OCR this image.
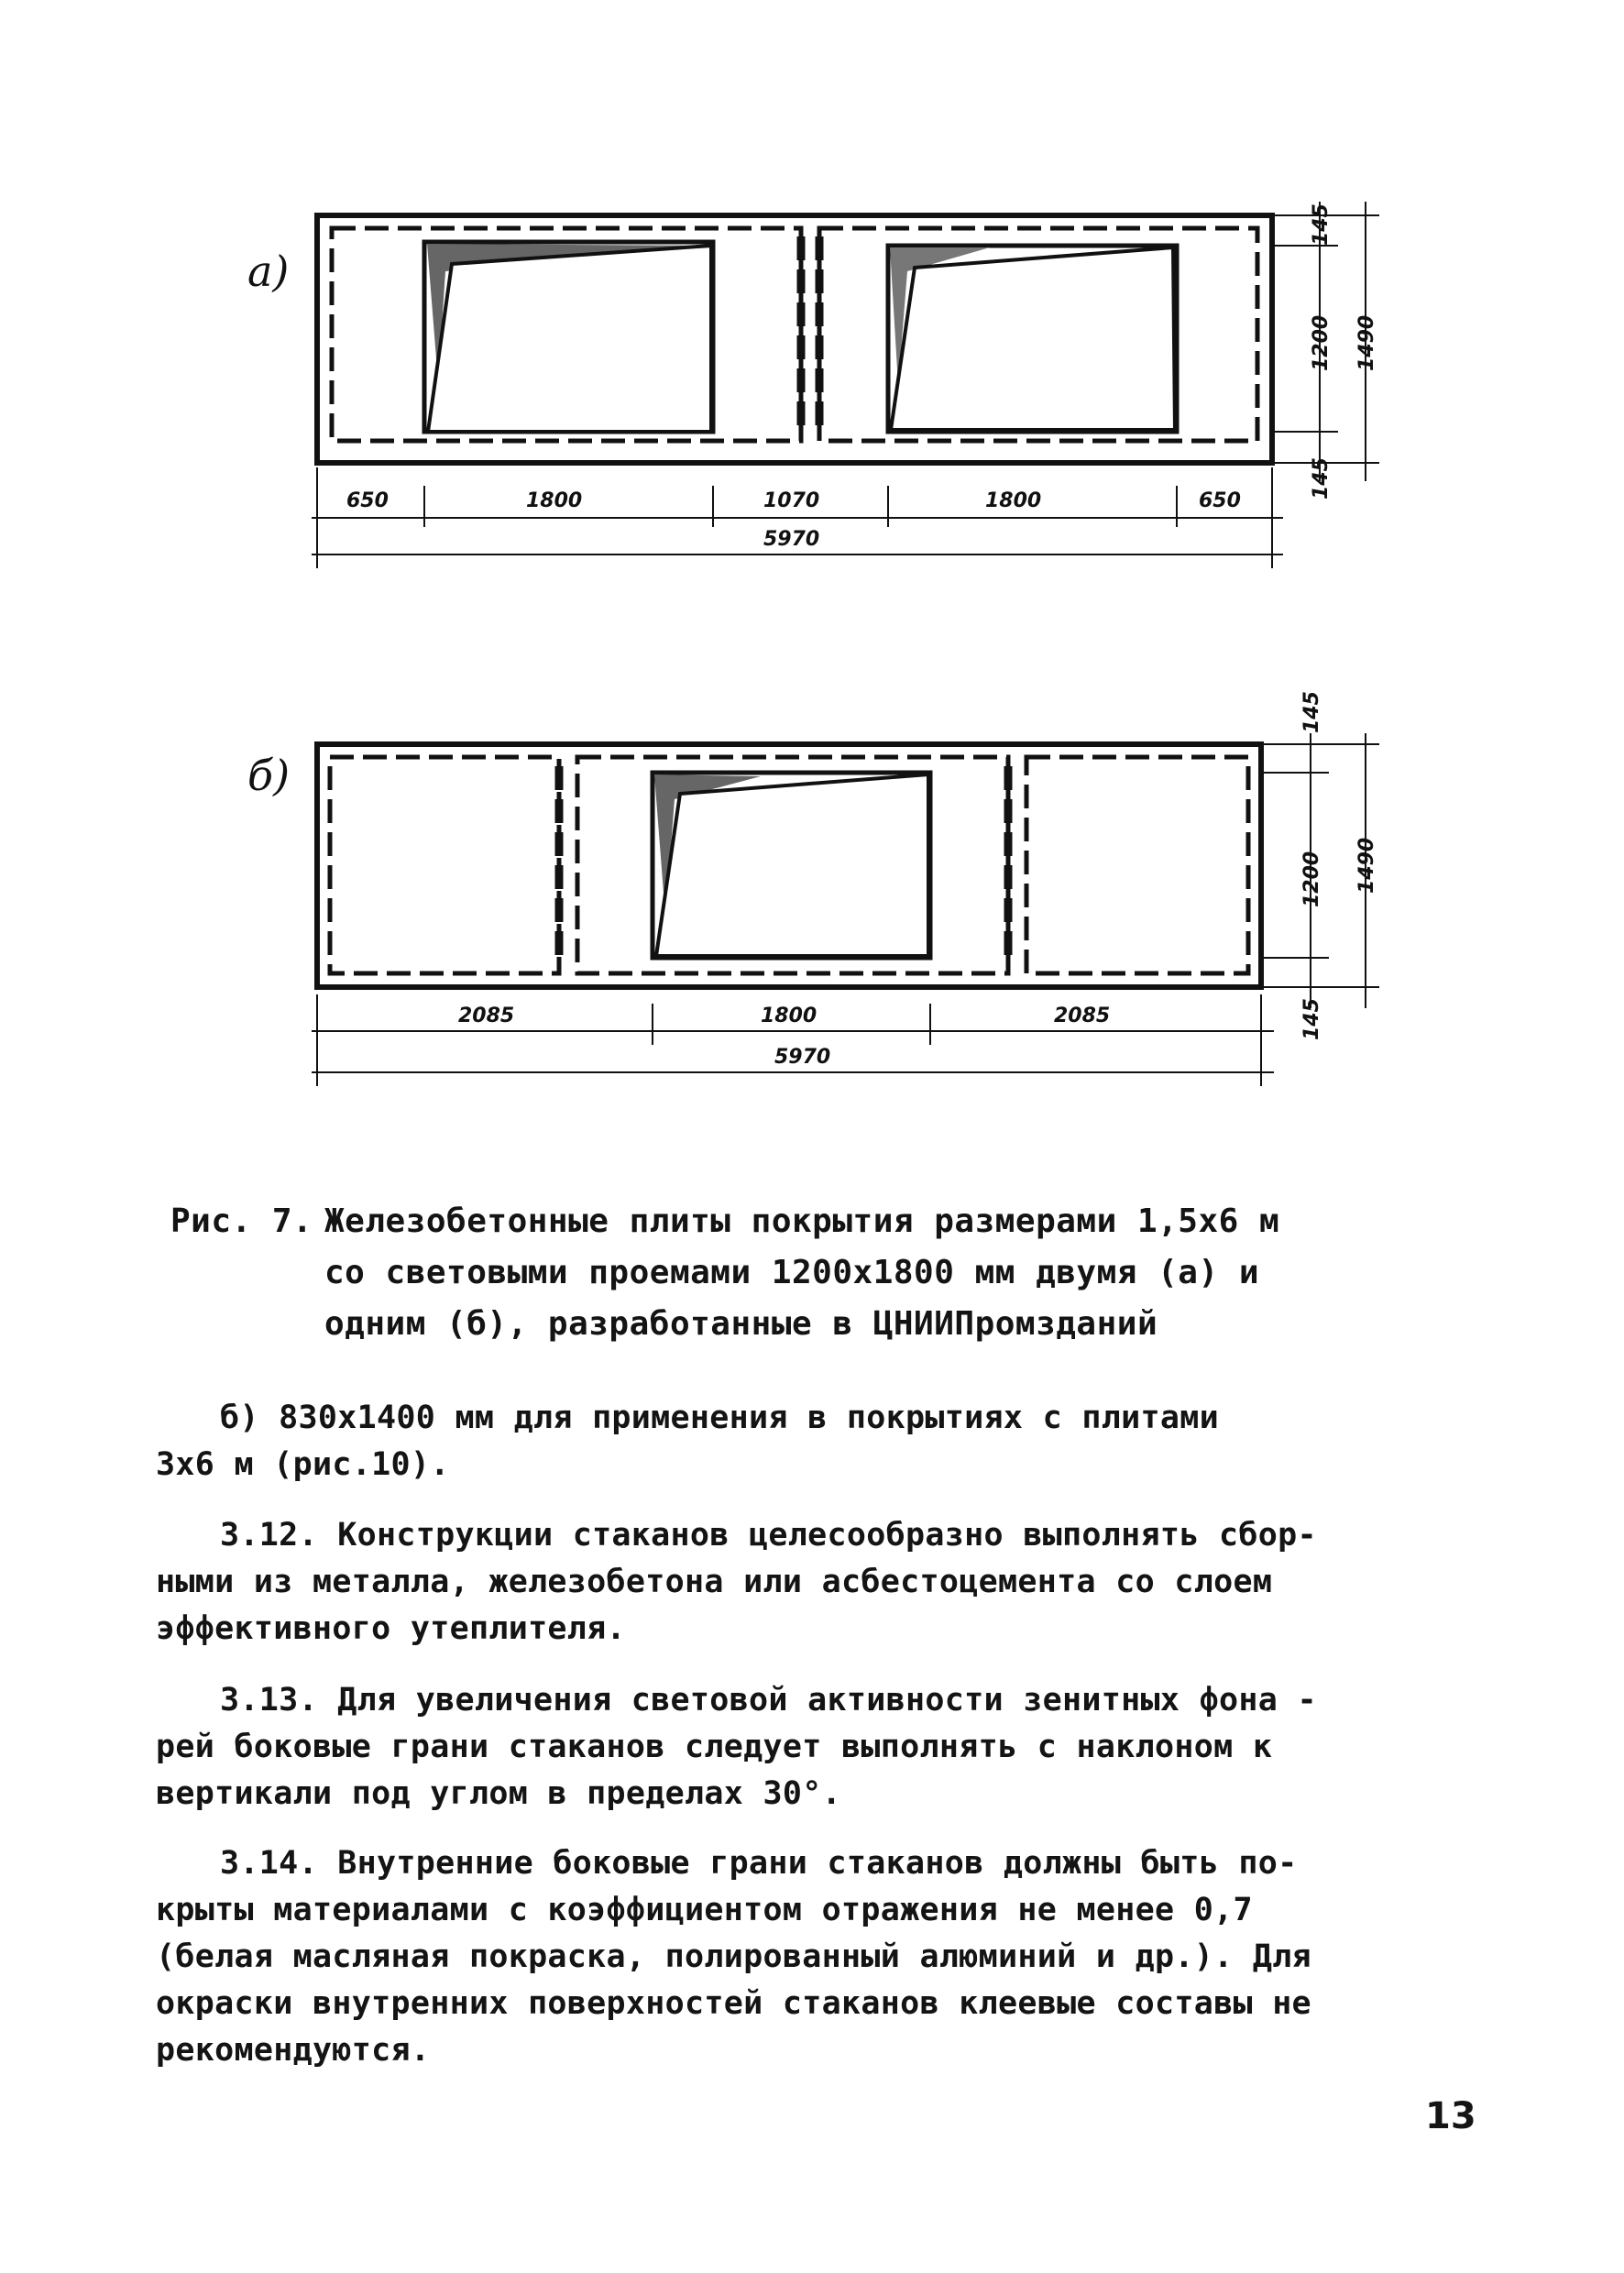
а)
650	1800	1070	1800	650
5970
145
1200 1490
145
б)
2085	1800	2085
5970
145
1200 1490
145
Рис. 7. Железобетонные плиты покрытия размерами 1,5х6 м
со световыми проемами 1200х1800 мм двумя (а) и
одним (б), разработанные в ЦНИИПромзданий
б) 830х1400 мм для применения в покрытиях с плитами
3х6 м (рис.10).
3.12. Конструкции стаканов целесообразно выполнять сбор-
ными из металла, железобетона или асбестоцемента со слоем
эффективного утеплителя.
3.13. Для увеличения световой активности зенитных фона -
рей боковые грани стаканов следует выполнять с наклоном к
вертикали под углом в пределах 30°.
3.14. Внутренние боковые грани стаканов должны быть по-
крыты материалами с коэффициентом отражения не менее 0,7
(белая масляная покраска, полированный алюминий и др.). Для
окраски внутренних поверхностей стаканов клеевые составы не
рекомендуются.
13
